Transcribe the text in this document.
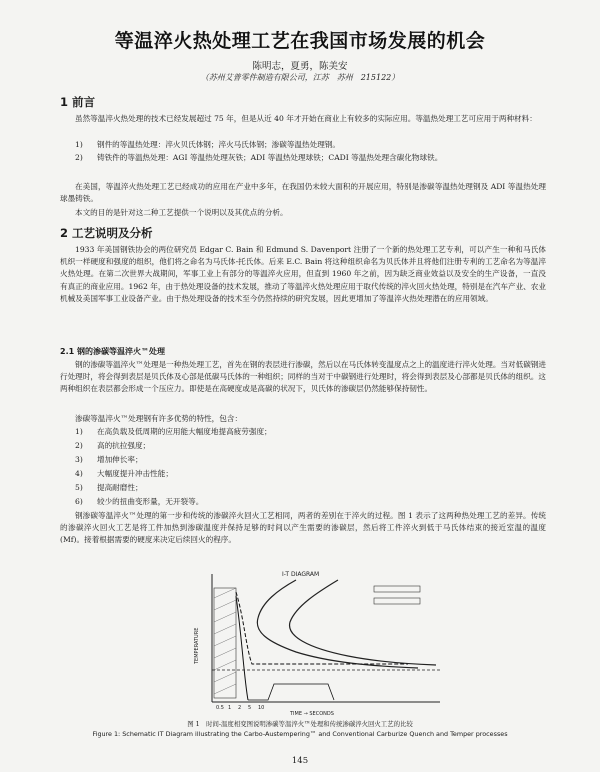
等温淬火热处理工艺在我国市场发展的机会
陈明志，夏勇，陈美安
（苏州艾普零件制造有限公司，江苏　苏州　215122）
1 前言
虽然等温淬火热处理的技术已经发展超过 75 年，但是从近 40 年才开始在商业上有较多的实际应用。等温热处理工艺可应用于两种材料：
1) 钢件的等温热处理：淬火贝氏体钢；淬火马氏体钢；渗碳等温热处理钢。
2) 铸铁件的等温热处理：AGI 等温热处理灰铁；ADI 等温热处理球铁；CADI 等温热处理含碳化物球铁。
在美国，等温淬火热处理工艺已经成功的应用在产业中多年，在我国仍未较大面积的开展应用，特别是渗碳等温热处理钢及 ADI 等温热处理球墨铸铁。
本文的目的是针对这二种工艺提供一个说明以及其优点的分析。
2 工艺说明及分析
1933 年美国钢铁协会的两位研究员 Edgar C. Bain 和 Edmund S. Davenport 注册了一个新的热处理工艺专利，可以产生一种和马氏体机织一样硬度和强度的组织，他们将之命名为马氏体-托氏体。后来 E.C. Bain 将这种组织命名为贝氏体并且将他们注册专利的工艺命名为等温淬火热处理。在第二次世界大战期间，军事工业上有部分的等温淬火应用，但直到 1960 年之前，因为缺乏商业效益以及安全的生产设备，一直没有真正的商业应用。1962 年，由于热处理设备的技术发展，推动了等温淬火热处理应用于取代传统的淬火回火热处理，特别是在汽车产业、农业机械及美国军事工业设备产业。由于热处理设备的技术至今仍然持续的研究发展，因此更增加了等温淬火热处理潜在的应用领域。
2.1 钢的渗碳等温淬火™处理
钢的渗碳等温淬火™处理是一种热处理工艺，首先在钢的表层进行渗碳，然后以在马氏体转变温度点之上的温度进行淬火处理。当对低碳钢进行处理时，将会得到表层是贝氏体及心部是低碳马氏体的一种组织；同样的当对于中碳钢进行处理时，将会得到表层及心部都是贝氏体的组织。这两种组织在表层都会形成一个压应力。即使是在高硬度或是高碳的状况下，贝氏体的渗碳层仍然能够保持韧性。
渗碳等温淬火™处理钢有许多优势的特性，包含：
1) 在高负载及低周期的应用能大幅度地提高疲劳强度；
2) 高的抗拉强度；
3) 增加伸长率；
4) 大幅度提升冲击性能；
5) 提高耐磨性；
6) 较少的扭曲变形量，无开裂等。
钢渗碳等温淬火™处理的第一步和传统的渗碳淬火回火工艺相同，两者的差别在于淬火的过程。图 1 表示了这两种热处理工艺的差异。传统的渗碳淬火回火工艺是将工件加热到渗碳温度并保持足够的时间以产生需要的渗碳层，然后将工件淬火到低于马氏体结束的接近室温的温度(Mf)。接着根据需要的硬度来决定后续回火的程序。
I-T DIAGRAM
TEMPERATURE
TIME → SECONDS
0.5 1 2 5 10
图 1　时间-温度相变图说明渗碳等温淬火™处理和传统渗碳淬火回火工艺的比较
Figure 1: Schematic IT Diagram illustrating the Carbo-Austempering™ and Conventional Carburize Quench and Temper processes
145
